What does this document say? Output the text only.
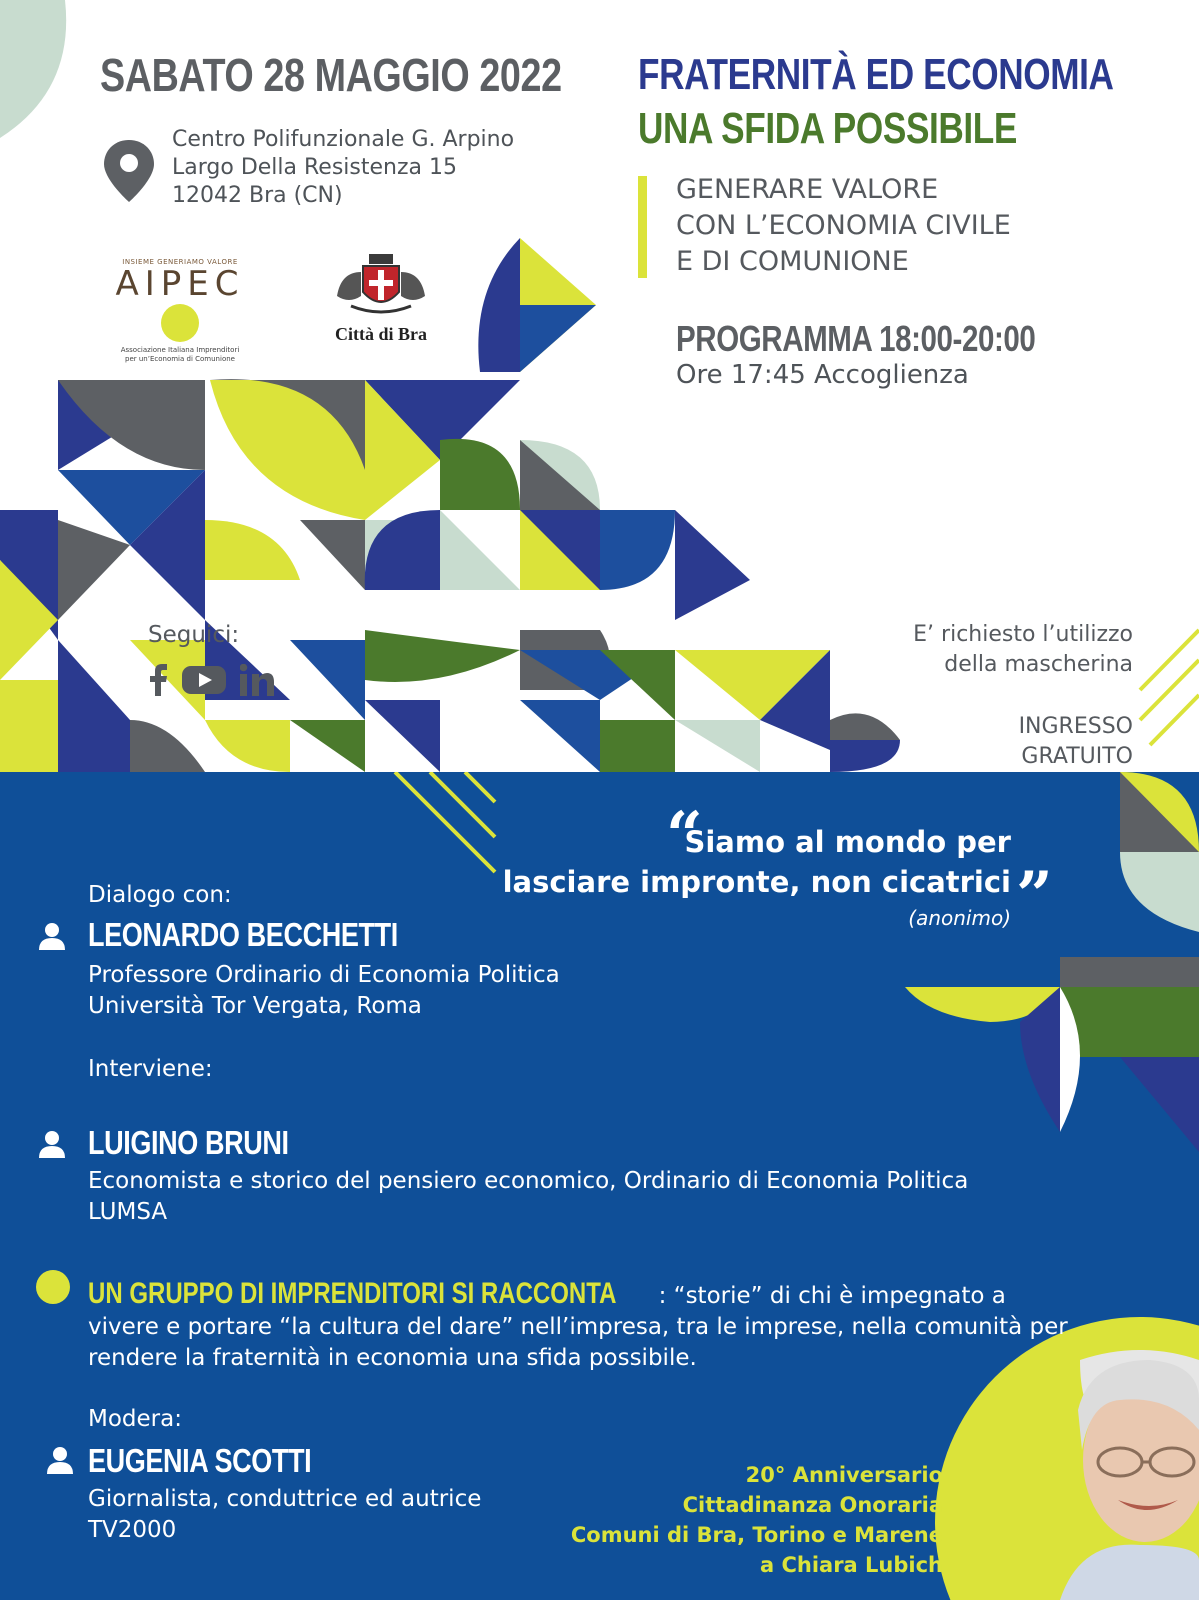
SABATO 28 MAGGIO 2022
Centro Polifunzionale G. Arpino
Largo Della Resistenza 15
12042 Bra (CN)
FRATERNITÀ ED ECONOMIA
UNA SFIDA POSSIBILE
GENERARE VALORE
CON L’ECONOMIA CIVILE
E DI COMUNIONE
PROGRAMMA 18:00-20:00
Ore 17:45 Accoglienza
INSIEME GENERIAMO VALORE
AIPEC
Associazione Italiana Imprenditori
per un’Economia di Comunione
Città di Bra
Seguici:	E’ richiesto l’utilizzo
della mascherina
INGRESSO
GRATUITO
“
Siamo al mondo per
lasciare impronte, non cicatrici ”
(anonimo)
Dialogo con:
LEONARDO BECCHETTI
Professore Ordinario di Economia Politica
Università Tor Vergata, Roma
Interviene:
LUIGINO BRUNI
Economista e storico del pensiero economico, Ordinario di Economia Politica
LUMSA
UN GRUPPO DI IMPRENDITORI SI RACCONTA : “storie” di chi è impegnato a vivere e portare “la cultura del dare” nell’impresa, tra le imprese, nella comunità per rendere la fraternità in economia una sfida possibile.
Modera:
EUGENIA SCOTTI
Giornalista, conduttrice ed autrice
TV2000
20° Anniversario
Cittadinanza Onoraria
Comuni di Bra, Torino e Marene
a Chiara Lubich
